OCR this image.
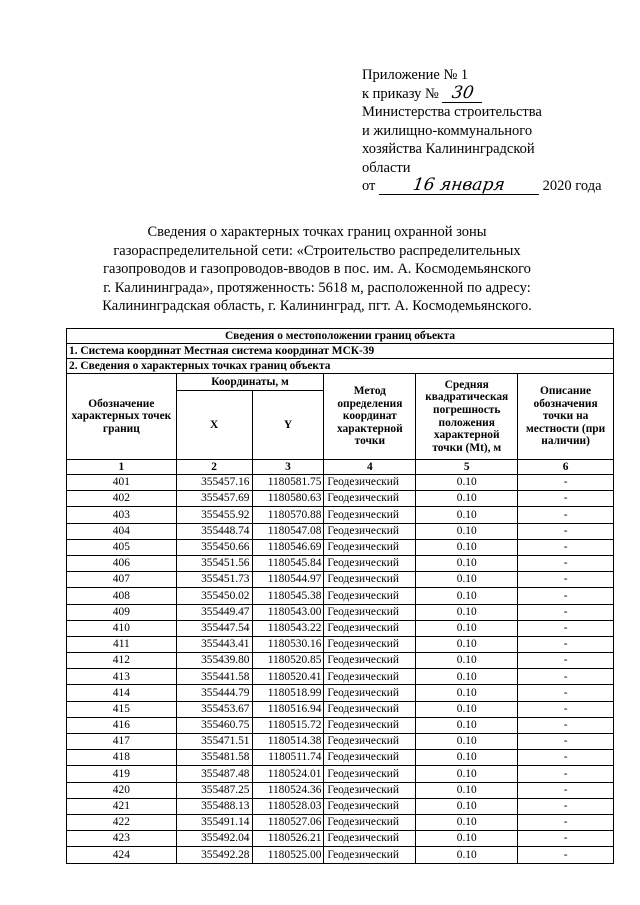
Приложение № 1
к приказу № 30
Министерства строительства
и жилищно-коммунального
хозяйства Калининградской
области
от 16 января	2020 года
Сведения о характерных точках границ охранной зоны
газораспределительной сети: «Строительство распределительных
газопроводов и газопроводов-вводов в пос. им. А. Космодемьянского
г. Калининграда», протяженность: 5618 м, расположенной по адресу:
Калининградская область, г. Калининград, пгт. А. Космодемьянского.
Сведения о местоположении границ объекта					
1. Система координат Местная система координат МСК-39					
2. Сведения о характерных точках границ объекта					
Обозначение характерных точек границ	Координаты, м		Метод определения координат характерной точки	Средняя квадратическая погрешность положения характерной точки (Mt), м	Описание обозначения точки на местности (при наличии)
	X	Y			
1	2	3	4	5	6
401	355457.16	1180581.75	Геодезический	0.10	-
402	355457.69	1180580.63	Геодезический	0.10	-
403	355455.92	1180570.88	Геодезический	0.10	-
404	355448.74	1180547.08	Геодезический	0.10	-
405	355450.66	1180546.69	Геодезический	0.10	-
406	355451.56	1180545.84	Геодезический	0.10	-
407	355451.73	1180544.97	Геодезический	0.10	-
408	355450.02	1180545.38	Геодезический	0.10	-
409	355449.47	1180543.00	Геодезический	0.10	-
410	355447.54	1180543.22	Геодезический	0.10	-
411	355443.41	1180530.16	Геодезический	0.10	-
412	355439.80	1180520.85	Геодезический	0.10	-
413	355441.58	1180520.41	Геодезический	0.10	-
414	355444.79	1180518.99	Геодезический	0.10	-
415	355453.67	1180516.94	Геодезический	0.10	-
416	355460.75	1180515.72	Геодезический	0.10	-
417	355471.51	1180514.38	Геодезический	0.10	-
418	355481.58	1180511.74	Геодезический	0.10	-
419	355487.48	1180524.01	Геодезический	0.10	-
420	355487.25	1180524.36	Геодезический	0.10	-
421	355488.13	1180528.03	Геодезический	0.10	-
422	355491.14	1180527.06	Геодезический	0.10	-
423	355492.04	1180526.21	Геодезический	0.10	-
424	355492.28	1180525.00	Геодезический	0.10	-
